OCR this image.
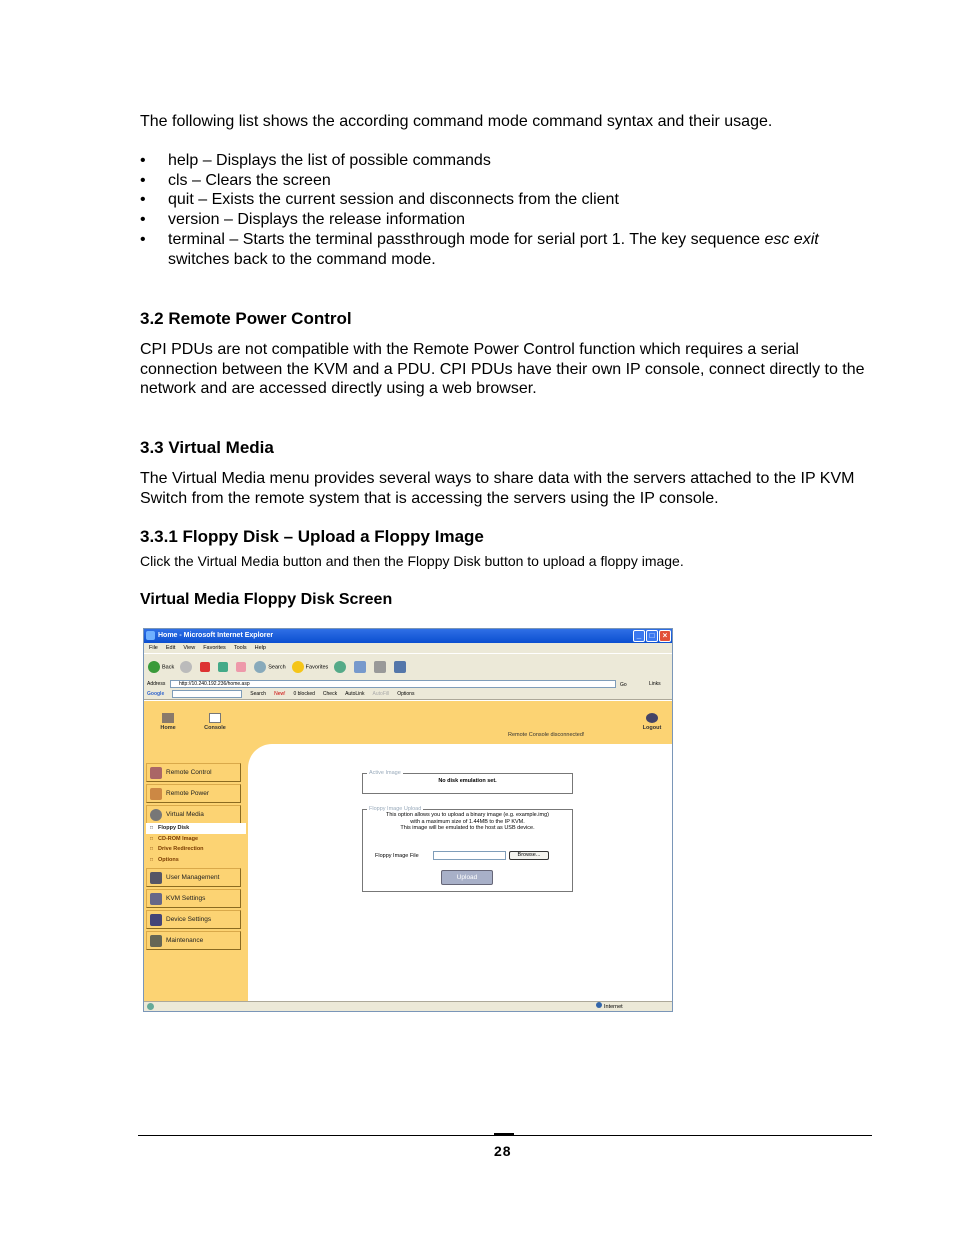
The following list shows the according command mode command syntax and their usage.

• help – Displays the list of possible commands
• cls – Clears the screen
• quit – Exists the current session and disconnects from the client
• version – Displays the release information
• terminal – Starts the terminal passthrough mode for serial port 1. The key sequence esc exit switches back to the command mode.
3.2 Remote Power Control

CPI PDUs are not compatible with the Remote Power Control function which requires a serial connection between the KVM and a PDU. CPI PDUs have their own IP console, connect directly to the network and are accessed directly using a web browser.

3.3 Virtual Media

The Virtual Media menu provides several ways to share data with the servers attached to the IP KVM Switch from the remote system that is accessing the servers using the IP console.

3.3.1 Floppy Disk – Upload a Floppy Image

Click the Virtual Media button and then the Floppy Disk button to upload a floppy image.

Virtual Media Floppy Disk Screen
Home - Microsoft Internet Explorer	_	□	×
File Edit View Favorites Tools Help
Back	Search	Favorites
Address	http://10.240.192.236/home.asp	Go	Links
Google	Search New! 0 blocked Check AutoLink AutoFill Options
Home	Console
Remote Console disconnected!
Logout
Remote Control
Remote Power
Virtual Media
□ Floppy Disk
□ CD-ROM Image
□ Drive Redirection
□ Options
User Management
KVM Settings
Device Settings
Maintenance
Active Image
No disk emulation set.
Floppy Image Upload
This option allows you to upload a binary image (e.g. example.img)
with a maximum size of 1.44MB to the IP KVM.
This image will be emulated to the host as USB device.
Floppy Image File	Browse...
Upload
Internet
28
